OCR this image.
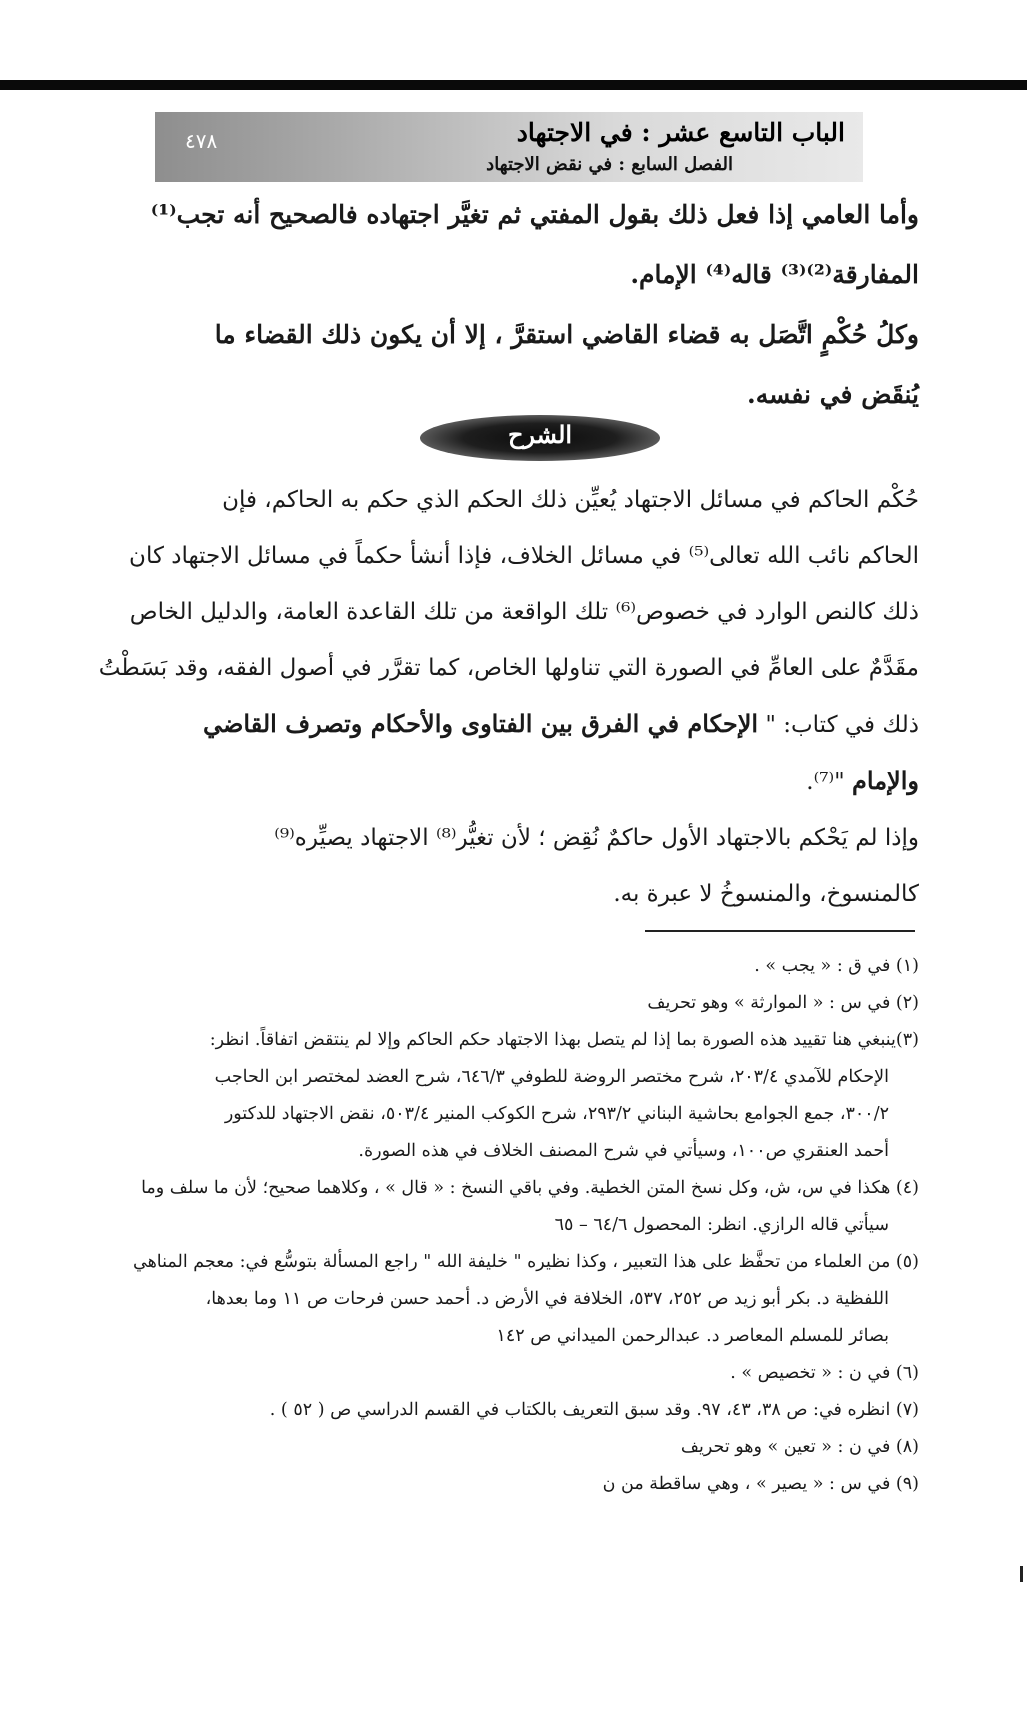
الباب التاسع عشر : في الاجتهاد
الفصل السابع : في نقض الاجتهاد
٤٧٨
وأما العامي إذا فعل ذلك بقول المفتي ثم تغيَّر اجتهاده فالصحيح أنه تجب⁽¹⁾
المفارقة⁽²⁾⁽³⁾ قاله⁽⁴⁾ الإمام.
وكلُ حُكْمٍ اتَّصَل به قضاء القاضي استقرَّ ، إلا أن يكون ذلك القضاء ما
يُنقَض في نفسه.
الشرح
حُكْم الحاكم في مسائل الاجتهاد يُعيِّن ذلك الحكم الذي حكم به الحاكم، فإن
الحاكم نائب الله تعالى⁽⁵⁾ في مسائل الخلاف، فإذا أنشأ حكماً في مسائل الاجتهاد كان
ذلك كالنص الوارد في خصوص⁽⁶⁾ تلك الواقعة من تلك القاعدة العامة، والدليل الخاص
مقَدَّمٌ على العامِّ في الصورة التي تناولها الخاص، كما تقرَّر في أصول الفقه، وقد بَسَطْتُ
ذلك في كتاب: " الإحكام في الفرق بين الفتاوى والأحكام وتصرف القاضي
والإمام "⁽⁷⁾.
وإذا لم يَحْكم بالاجتهاد الأول حاكمٌ نُقِض ؛ لأن تغيُّر⁽⁸⁾ الاجتهاد يصيِّره⁽⁹⁾
كالمنسوخ، والمنسوخُ لا عبرة به.
(١) في ق : « يجب » .
(٢) في س : « الموارثة » وهو تحريف
(٣)ينبغي هنا تقييد هذه الصورة بما إذا لم يتصل بهذا الاجتهاد حكم الحاكم وإلا لم ينتقض اتفاقاً. انظر:
الإحكام للآمدي ٢٠٣/٤، شرح مختصر الروضة للطوفي ٦٤٦/٣، شرح العضد لمختصر ابن الحاجب
٣٠٠/٢، جمع الجوامع بحاشية البناني ٢٩٣/٢، شرح الكوكب المنير ٥٠٣/٤، نقض الاجتهاد للدكتور
أحمد العنقري ص١٠٠، وسيأتي في شرح المصنف الخلاف في هذه الصورة.
(٤) هكذا في س، ش، وكل نسخ المتن الخطية. وفي باقي النسخ : « قال » ، وكلاهما صحيح؛ لأن ما سلف وما
سيأتي قاله الرازي. انظر: المحصول ٦٤/٦ – ٦٥
(٥) من العلماء من تحفَّظ على هذا التعبير ، وكذا نظيره " خليفة الله " راجع المسألة بتوسُّع في: معجم المناهي
اللفظية د. بكر أبو زيد ص ٢٥٢، ٥٣٧، الخلافة في الأرض د. أحمد حسن فرحات ص ١١ وما بعدها،
بصائر للمسلم المعاصر د. عبدالرحمن الميداني ص ١٤٢
(٦) في ن : « تخصيص » .
(٧) انظره في: ص ٣٨، ٤٣، ٩٧. وقد سبق التعريف بالكتاب في القسم الدراسي ص ( ٥٢ ) .
(٨) في ن : « تعين » وهو تحريف
(٩) في س : « يصير » ، وهي ساقطة من ن
